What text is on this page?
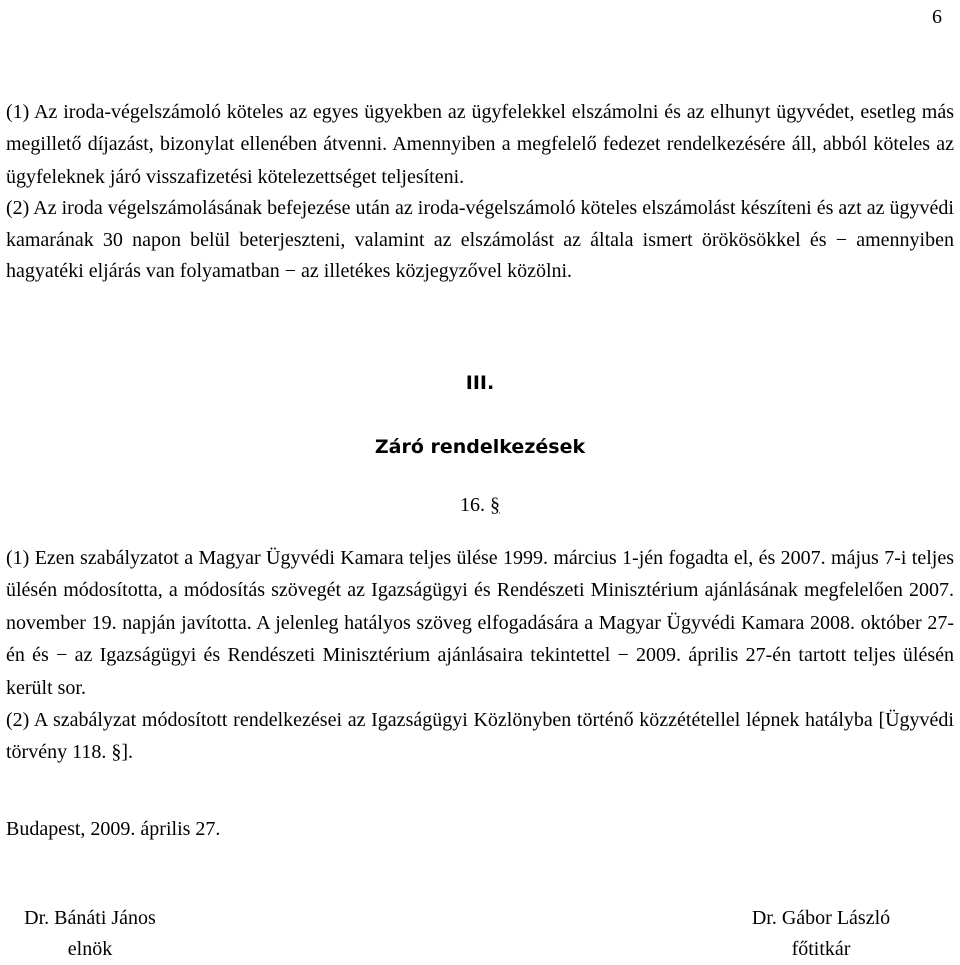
6

(1) Az iroda-végelszámoló köteles az egyes ügyekben az ügyfelekkel elszámolni és az elhunyt ügyvédet, esetleg más megillető díjazást, bizonylat ellenében átvenni. Amennyiben a megfelelő fedezet rendelkezésére áll, abból köteles az ügyfeleknek járó visszafizetési kötelezettséget teljesíteni.

(2) Az iroda végelszámolásának befejezése után az iroda-végelszámoló köteles elszámolást készíteni és azt az ügyvédi kamarának 30 napon belül beterjeszteni, valamint az elszámolást az általa ismert örökösökkel és − amennyiben hagyatéki eljárás van folyamatban − az illetékes közjegyzővel közölni.

III.
Záró rendelkezések

16. §

(1) Ezen szabályzatot a Magyar Ügyvédi Kamara teljes ülése 1999. március 1-jén fogadta el, és 2007. május 7-i teljes ülésén módosította, a módosítás szövegét az Igazságügyi és Rendészeti Minisztérium ajánlásának megfelelően 2007. november 19. napján javította. A jelenleg hatályos szöveg elfogadására a Magyar Ügyvédi Kamara 2008. október 27-én és − az Igazságügyi és Rendészeti Minisztérium ajánlásaira tekintettel − 2009. április 27-én tartott teljes ülésén került sor.

(2) A szabályzat módosított rendelkezései az Igazságügyi Közlönyben történő közzététellel lépnek hatályba [Ügyvédi törvény 118. §].

Budapest, 2009. április 27.

Dr. Bánáti János
elnök
Dr. Gábor László
főtitkár
